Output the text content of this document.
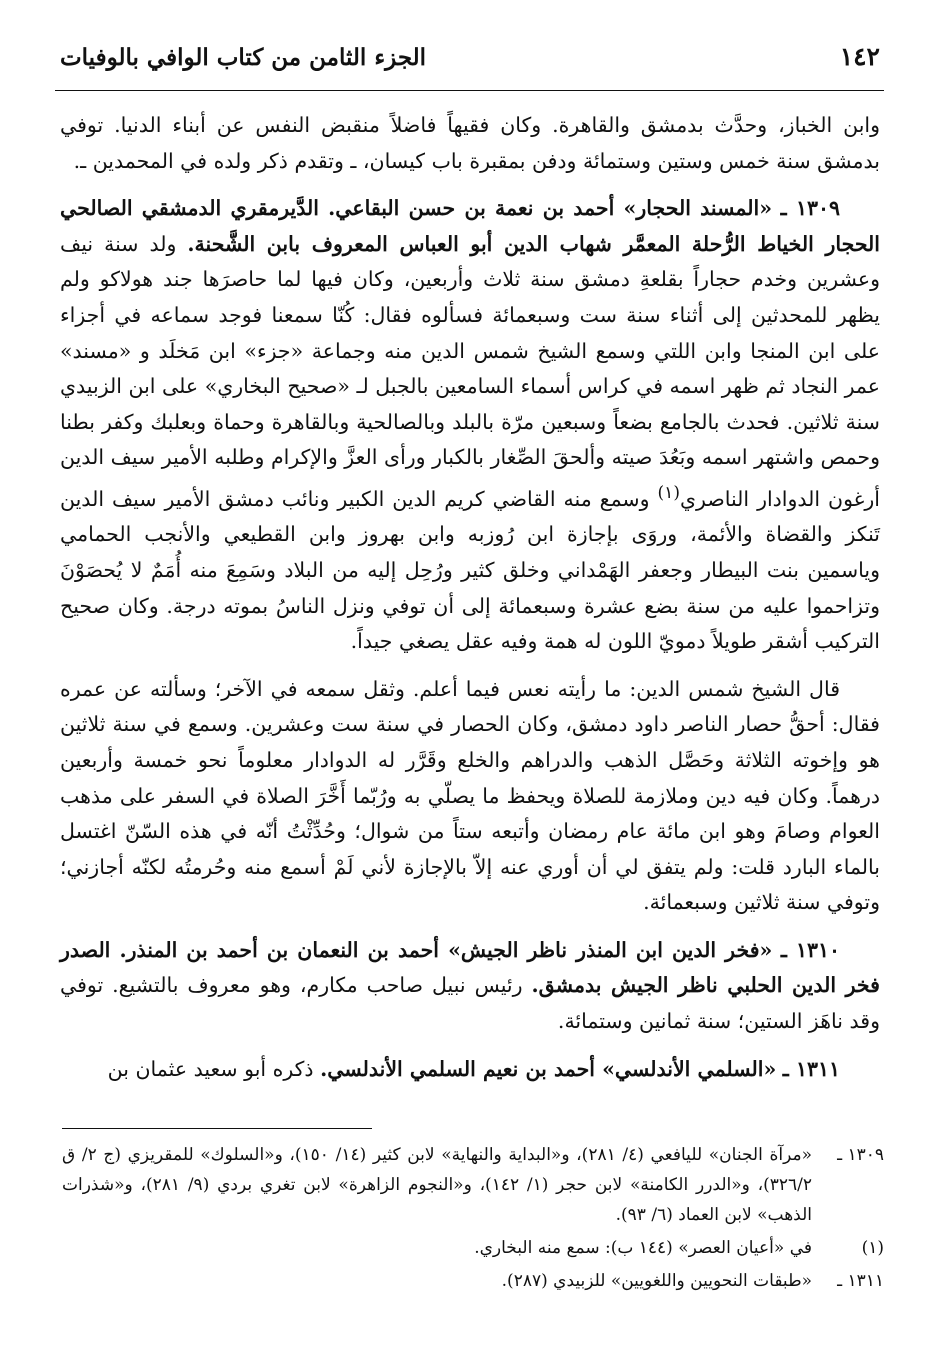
١٤٢
الجزء الثامن من كتاب الوافي بالوفيات

وابن الخباز، وحدَّث بدمشق والقاهرة. وكان فقيهاً فاضلاً منقبض النفس عن أبناء الدنيا. توفي بدمشق سنة خمس وستين وستمائة ودفن بمقبرة باب كيسان، ـ وتقدم ذكر ولده في المحمدين ـ.

١٣٠٩ ـ «المسند الحجار» أحمد بن نعمة بن حسن البقاعي. الدَّيرمقري الدمشقي الصالحي الحجار الخياط الرُّحلة المعمَّر شهاب الدين أبو العباس المعروف بابن الشَّحنة. ولد سنة نيف وعشرين وخدم حجاراً بقلعةِ دمشق سنة ثلاث وأربعين، وكان فيها لما حاصرَها جند هولاكو ولم يظهر للمحدثين إلى أثناء سنة ست وسبعمائة فسألوه فقال: كُنّا سمعنا فوجد سماعه في أجزاء على ابن المنجا وابن اللتي وسمع الشيخ شمس الدين منه وجماعة «جزء» ابن مَخلَد و «مسند» عمر النجاد ثم ظهر اسمه في كراس أسماء السامعين بالجبل لـ «صحيح البخاري» على ابن الزبيدي سنة ثلاثين. فحدث بالجامع بضعاً وسبعين مرّة بالبلد وبالصالحية وبالقاهرة وحماة وبعلبك وكفر بطنا وحمص واشتهر اسمه وبَعُدَ صيته وألحقَ الصِّغار بالكبار ورأى العزَّ والإكرام وطلبه الأمير سيف الدين أرغون الدوادار الناصري$^{(١)}$ وسمع منه القاضي كريم الدين الكبير ونائب دمشق الأمير سيف الدين تَنكز والقضاة والأئمة، وروَى بإجازة ابن رُوزبه وابن بهروز وابن القطيعي والأنجب الحمامي وياسمين بنت البيطار وجعفر الهَمْداني وخلق كثير ورُحِل إليه من البلاد وسَمِعَ منه أُمَمٌ لا يُحصَوْنَ وتزاحموا عليه من سنة بضع عشرة وسبعمائة إلى أن توفي ونزل الناسُ بموته درجة. وكان صحيح التركيب أشقر طويلاً دمويّ اللون له همة وفيه عقل يصغي جيداً.

قال الشيخ شمس الدين: ما رأيته نعس فيما أعلم. وثقل سمعه في الآخر؛ وسألته عن عمره فقال: أحقُّ حصار الناصر داود دمشق، وكان الحصار في سنة ست وعشرين. وسمع في سنة ثلاثين هو وإخوته الثلاثة وحَصَّل الذهب والدراهم والخلع وقَرَّر له الدوادار معلوماً نحو خمسة وأربعين درهماً. وكان فيه دين وملازمة للصلاة ويحفظ ما يصلّي به ورُبّما أَخَّرَ الصلاة في السفر على مذهب العوام وصامَ وهو ابن مائة عام رمضان وأتبعه ستاً من شوال؛ وحُدِّثْتُ أنّه في هذه السّنّ اغتسل بالماء البارد قلت: ولم يتفق لي أن أوري عنه إلاّ بالإجازة لأني لَمْ أسمع منه وحُرمتُه لكنّه أجازني؛ وتوفي سنة ثلاثين وسبعمائة.

١٣١٠ ـ «فخر الدين ابن المنذر ناظر الجيش» أحمد بن النعمان بن أحمد بن المنذر. الصدر فخر الدين الحلبي ناظر الجيش بدمشق. رئيس نبيل صاحب مكارم، وهو معروف بالتشيع. توفي وقد ناهَز الستين؛ سنة ثمانين وستمائة.

١٣١١ ـ «السلمي الأندلسي» أحمد بن نعيم السلمي الأندلسي. ذكره أبو سعيد عثمان بن

١٣٠٩ ـ
«مرآة الجنان» لليافعي (٤/ ٢٨١)، و«البداية والنهاية» لابن كثير (١٤/ ١٥٠)، و«السلوك» للمقريزي (ج ٢/ ق ٣٢٦/٢)، و«الدرر الكامنة» لابن حجر (١/ ١٤٢)، و«النجوم الزاهرة» لابن تغري بردي (٩/ ٢٨١)، و«شذرات الذهب» لابن العماد (٦/ ٩٣).
(١)
في «أعيان العصر» (١٤٤ ب): سمع منه البخاري.
١٣١١ ـ
«طبقات النحويين واللغويين» للزبيدي (٢٨٧).
